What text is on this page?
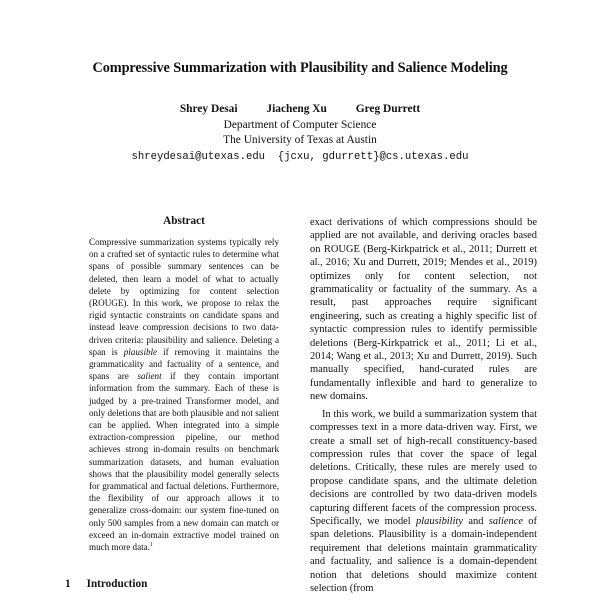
Compressive Summarization with Plausibility and Salience Modeling
Shrey Desai	Jiacheng Xu	Greg Durrett
Department of Computer Science
The University of Texas at Austin
shreydesai@utexas.edu  {jcxu, gdurrett}@cs.utexas.edu
Abstract
Compressive summarization systems typically rely on a crafted set of syntactic rules to determine what spans of possible summary sentences can be deleted, then learn a model of what to actually delete by optimizing for content selection (ROUGE). In this work, we propose to relax the rigid syntactic constraints on candidate spans and instead leave compression decisions to two data-driven criteria: plausibility and salience. Deleting a span is plausible if removing it maintains the grammaticality and factuality of a sentence, and spans are salient if they contain important information from the summary. Each of these is judged by a pre-trained Transformer model, and only deletions that are both plausible and not salient can be applied. When integrated into a simple extraction-compression pipeline, our method achieves strong in-domain results on benchmark summarization datasets, and human evaluation shows that the plausibility model generally selects for grammatical and factual deletions. Furthermore, the flexibility of our approach allows it to generalize cross-domain: our system fine-tuned on only 500 samples from a new domain can match or exceed an in-domain extractive model trained on much more data.$^1$
1 Introduction

exact derivations of which compressions should be applied are not available, and deriving oracles based on ROUGE (Berg-Kirkpatrick et al., 2011; Durrett et al., 2016; Xu and Durrett, 2019; Mendes et al., 2019) optimizes only for content selection, not grammaticality or factuality of the summary. As a result, past approaches require significant engineering, such as creating a highly specific list of syntactic compression rules to identify permissible deletions (Berg-Kirkpatrick et al., 2011; Li et al., 2014; Wang et al., 2013; Xu and Durrett, 2019). Such manually specified, hand-curated rules are fundamentally inflexible and hard to generalize to new domains.

In this work, we build a summarization system that compresses text in a more data-driven way. First, we create a small set of high-recall constituency-based compression rules that cover the space of legal deletions. Critically, these rules are merely used to propose candidate spans, and the ultimate deletion decisions are controlled by two data-driven models capturing different facets of the compression process. Specifically, we model plausibility and salience of span deletions. Plausibility is a domain-independent requirement that deletions maintain grammaticality and factuality, and salience is a domain-dependent notion that deletions should maximize content selection (from
